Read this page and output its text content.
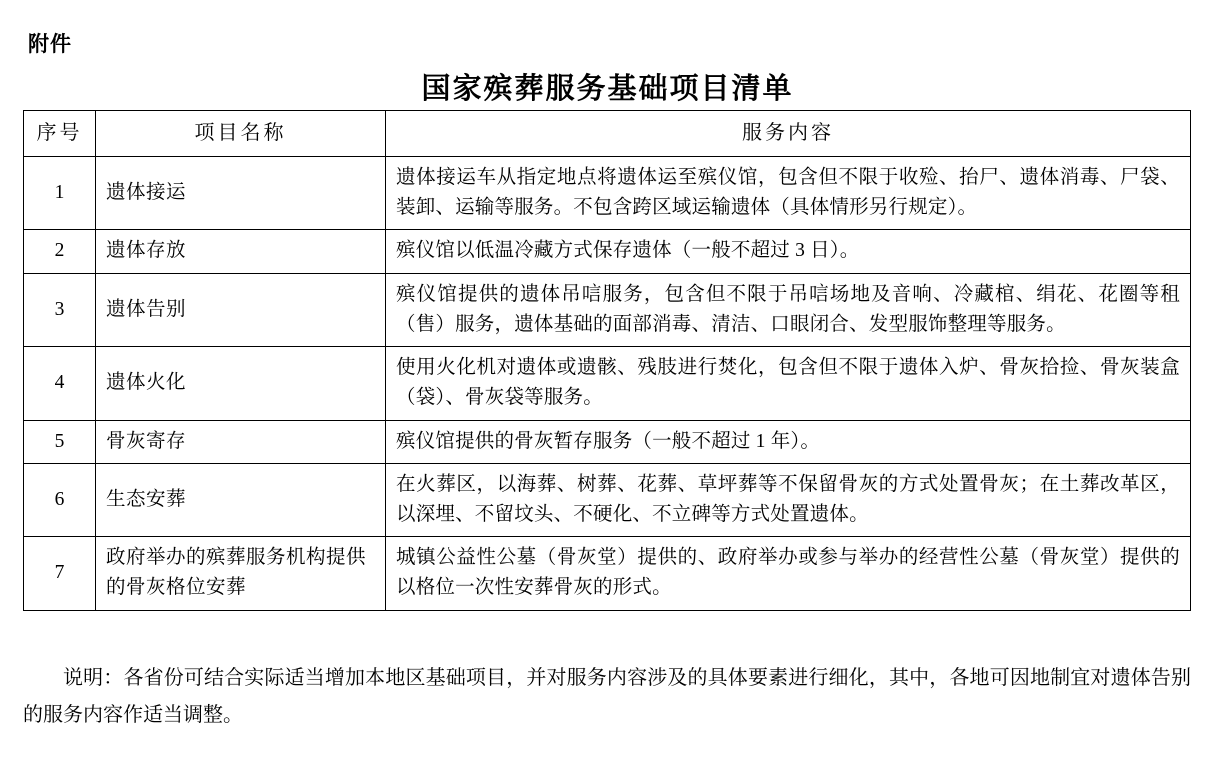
附件
国家殡葬服务基础项目清单
序号	项目名称	服务内容
1	遗体接运	遗体接运车从指定地点将遗体运至殡仪馆，包含但不限于收殓、抬尸、遗体消毒、尸袋、装卸、运输等服务。不包含跨区域运输遗体（具体情形另行规定）。
2	遗体存放	殡仪馆以低温冷藏方式保存遗体（一般不超过 3 日）。
3	遗体告别	殡仪馆提供的遗体吊唁服务，包含但不限于吊唁场地及音响、冷藏棺、绢花、花圈等租（售）服务，遗体基础的面部消毒、清洁、口眼闭合、发型服饰整理等服务。
4	遗体火化	使用火化机对遗体或遗骸、残肢进行焚化，包含但不限于遗体入炉、骨灰拾捡、骨灰装盒（袋）、骨灰袋等服务。
5	骨灰寄存	殡仪馆提供的骨灰暂存服务（一般不超过 1 年）。
6	生态安葬	在火葬区，以海葬、树葬、花葬、草坪葬等不保留骨灰的方式处置骨灰；在土葬改革区，以深埋、不留坟头、不硬化、不立碑等方式处置遗体。
7	政府举办的殡葬服务机构提供的骨灰格位安葬	城镇公益性公墓（骨灰堂）提供的、政府举办或参与举办的经营性公墓（骨灰堂）提供的以格位一次性安葬骨灰的形式。
说明：各省份可结合实际适当增加本地区基础项目，并对服务内容涉及的具体要素进行细化，其中，各地可因地制宜对遗体告别的服务内容作适当调整。
